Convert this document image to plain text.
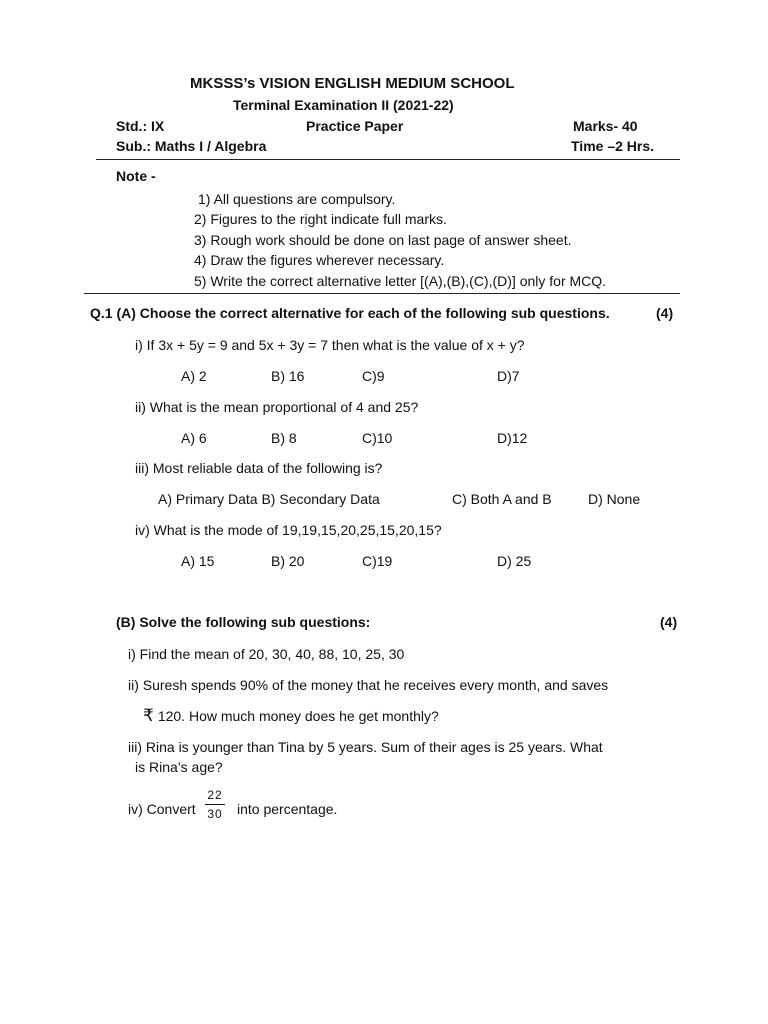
MKSSS’s VISION ENGLISH MEDIUM SCHOOL
Terminal Examination II (2021-22)
Std.: IX	Practice Paper	Marks- 40
Sub.: Maths I / Algebra	Time –2 Hrs.
Note -
1) All questions are compulsory.
2) Figures to the right indicate full marks.
3) Rough work should be done on last page of answer sheet.
4) Draw the figures wherever necessary.
5) Write the correct alternative letter [(A),(B),(C),(D)] only for MCQ.
Q.1 (A) Choose the correct alternative for each of the following sub questions.	(4)
i) If 3x + 5y = 9 and 5x + 3y = 7 then what is the value of x + y?
A) 2	B) 16	C)9	D)7
ii) What is the mean proportional of 4 and 25?
A) 6	B) 8	C)10	D)12
iii) Most reliable data of the following is?
A) Primary Data B) Secondary Data	C) Both A and B	D) None
iv) What is the mode of 19,19,15,20,25,15,20,15?
A) 15	B) 20	C)19	D) 25
(B) Solve the following sub questions:	(4)
i) Find the mean of 20, 30, 40, 88, 10, 25, 30
ii) Suresh spends 90% of the money that he receives every month, and saves
₹ 120. How much money does he get monthly?
iii) Rina is younger than Tina by 5 years. Sum of their ages is 25 years. What
is Rina’s age?
iv) Convert
22
30 into percentage.
